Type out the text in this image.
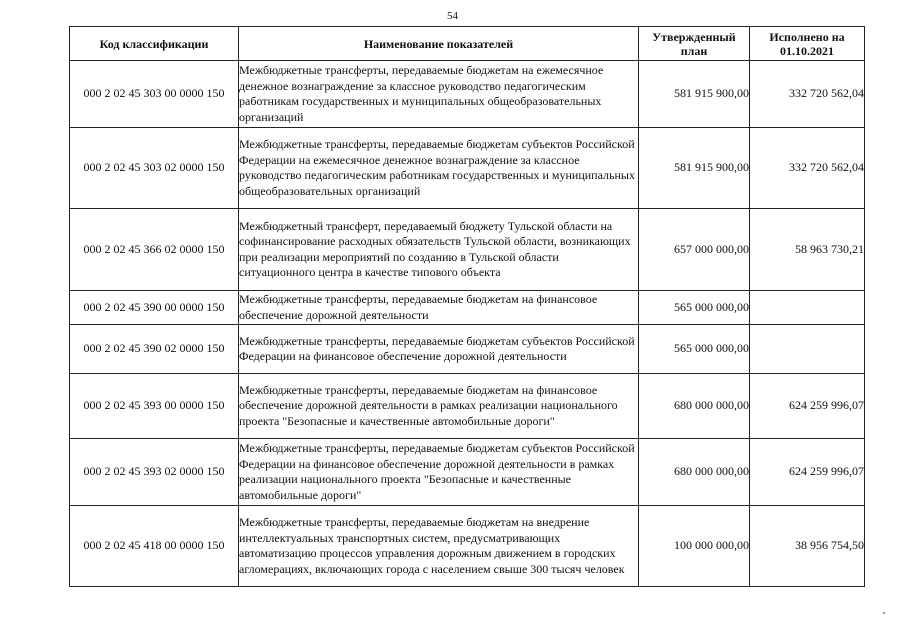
54
Код классификации	Наименование показателей	Утвержденный план	Исполнено на 01.10.2021
000 2 02 45 303 00 0000 150	Межбюджетные трансферты, передаваемые бюджетам на ежемесячное денежное вознаграждение за классное руководство педагогическим работникам государственных и муниципальных общеобразовательных организаций	581 915 900,00	332 720 562,04
000 2 02 45 303 02 0000 150	Межбюджетные трансферты, передаваемые бюджетам субъектов Российской Федерации на ежемесячное денежное вознаграждение за классное руководство педагогическим работникам государственных и муниципальных общеобразовательных организаций	581 915 900,00	332 720 562,04
000 2 02 45 366 02 0000 150	Межбюджетный трансферт, передаваемый бюджету Тульской области на софинансирование расходных обязательств Тульской области, возникающих при реализации мероприятий по созданию в Тульской области ситуационного центра в качестве типового объекта	657 000 000,00	58 963 730,21
000 2 02 45 390 00 0000 150	Межбюджетные трансферты, передаваемые бюджетам на финансовое обеспечение дорожной деятельности	565 000 000,00	
000 2 02 45 390 02 0000 150	Межбюджетные трансферты, передаваемые бюджетам субъектов Российской Федерации на финансовое обеспечение дорожной деятельности	565 000 000,00	
000 2 02 45 393 00 0000 150	Межбюджетные трансферты, передаваемые бюджетам на финансовое обеспечение дорожной деятельности в рамках реализации национального проекта "Безопасные и качественные автомобильные дороги"	680 000 000,00	624 259 996,07
000 2 02 45 393 02 0000 150	Межбюджетные трансферты, передаваемые бюджетам субъектов Российской Федерации на финансовое обеспечение дорожной деятельности в рамках реализации национального проекта "Безопасные и качественные автомобильные дороги"	680 000 000,00	624 259 996,07
000 2 02 45 418 00 0000 150	Межбюджетные трансферты, передаваемые бюджетам на внедрение интеллектуальных транспортных систем, предусматривающих автоматизацию процессов управления дорожным движением в городских агломерациях, включающих города с населением свыше 300 тысяч человек	100 000 000,00	38 956 754,50
